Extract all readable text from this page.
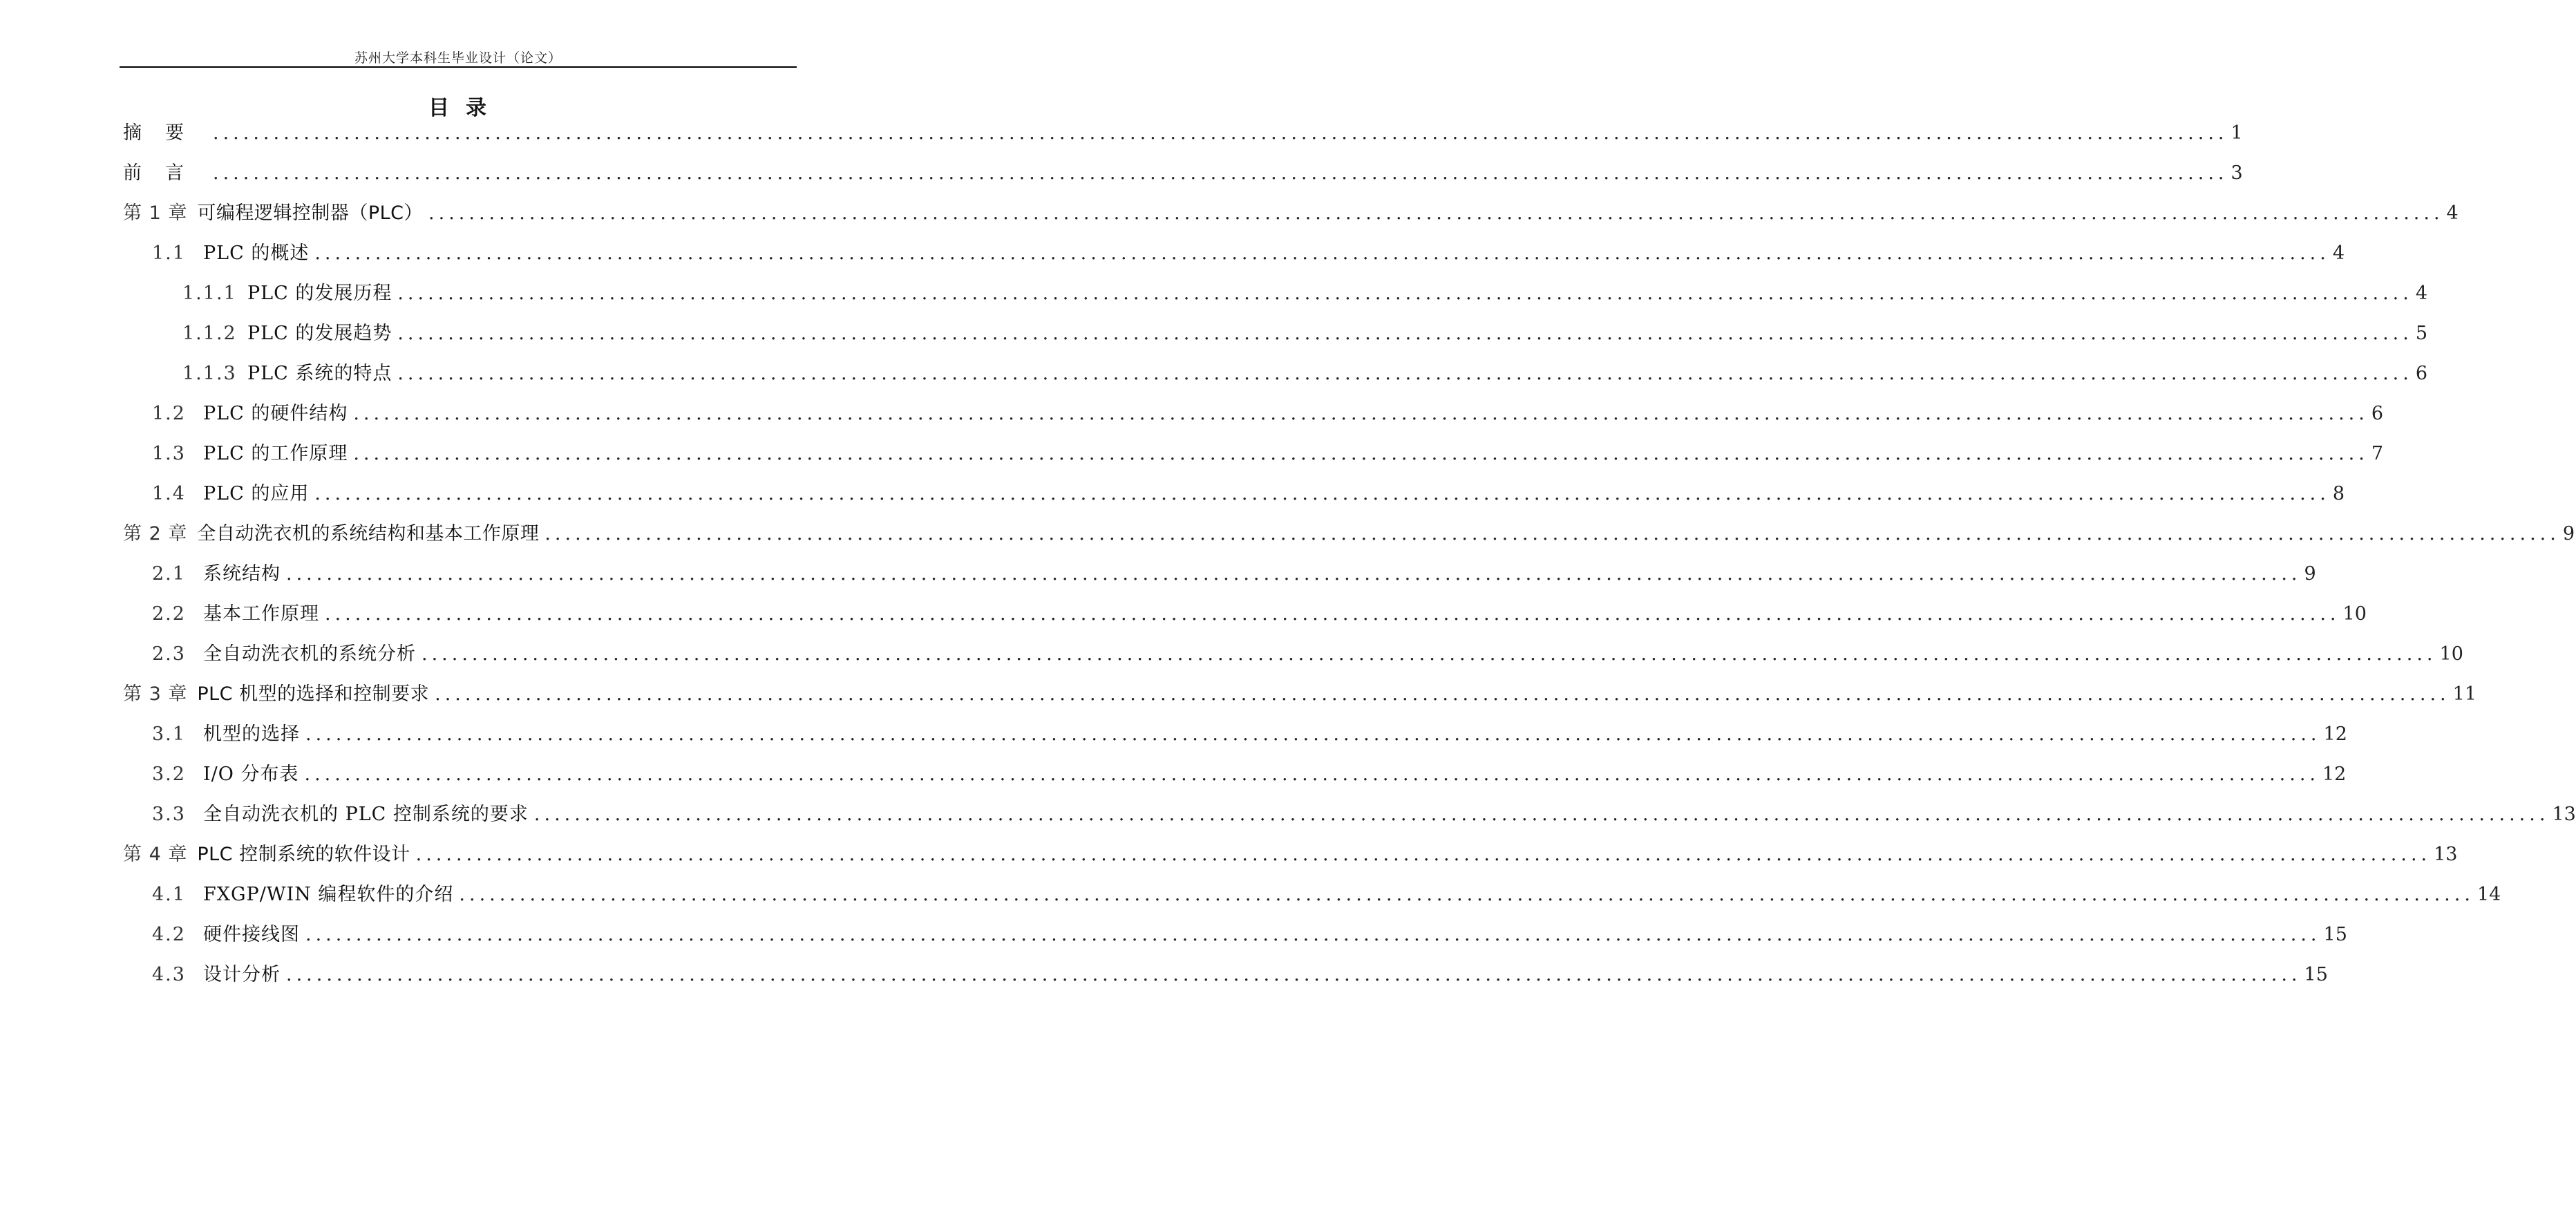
苏州大学本科生毕业设计（论文）
目 录
摘要 ........................................................................................................................................................................................................ 1
前言 ........................................................................................................................................................................................................ 3
第 1 章 可编程逻辑控制器（PLC） ........................................................................................................................................................................................................ 4
1.1 PLC 的概述 ........................................................................................................................................................................................................ 4
1.1.1 PLC 的发展历程 ........................................................................................................................................................................................................ 4
1.1.2 PLC 的发展趋势 ........................................................................................................................................................................................................ 5
1.1.3 PLC 系统的特点 ........................................................................................................................................................................................................ 6
1.2 PLC 的硬件结构 ........................................................................................................................................................................................................ 6
1.3 PLC 的工作原理 ........................................................................................................................................................................................................ 7
1.4 PLC 的应用 ........................................................................................................................................................................................................ 8
第 2 章 全自动洗衣机的系统结构和基本工作原理 ........................................................................................................................................................................................................ 9
2.1 系统结构 ........................................................................................................................................................................................................ 9
2.2 基本工作原理 ........................................................................................................................................................................................................ 10
2.3 全自动洗衣机的系统分析 ........................................................................................................................................................................................................ 10
第 3 章 PLC 机型的选择和控制要求 ........................................................................................................................................................................................................ 11
3.1 机型的选择 ........................................................................................................................................................................................................ 12
3.2 I/O 分布表 ........................................................................................................................................................................................................ 12
3.3 全自动洗衣机的 PLC 控制系统的要求 ........................................................................................................................................................................................................ 13
第 4 章 PLC 控制系统的软件设计 ........................................................................................................................................................................................................ 13
4.1 FXGP/WIN 编程软件的介绍 ........................................................................................................................................................................................................ 14
4.2 硬件接线图 ........................................................................................................................................................................................................ 15
4.3 设计分析 ........................................................................................................................................................................................................ 15
